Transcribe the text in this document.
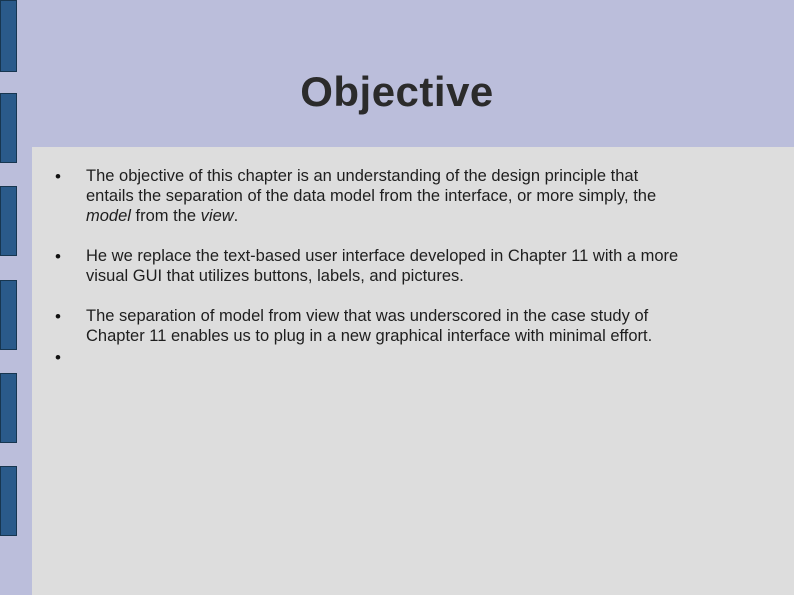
Objective
• The objective of this chapter is an understanding of the design principle that
entails the separation of the data model from the interface, or more simply, the
model from the view.
• He we replace the text-based user interface developed in Chapter 11 with a more
visual GUI that utilizes buttons, labels, and pictures.
• The separation of model from view that was underscored in the case study of
Chapter 11 enables us to plug in a new graphical interface with minimal effort.
•
